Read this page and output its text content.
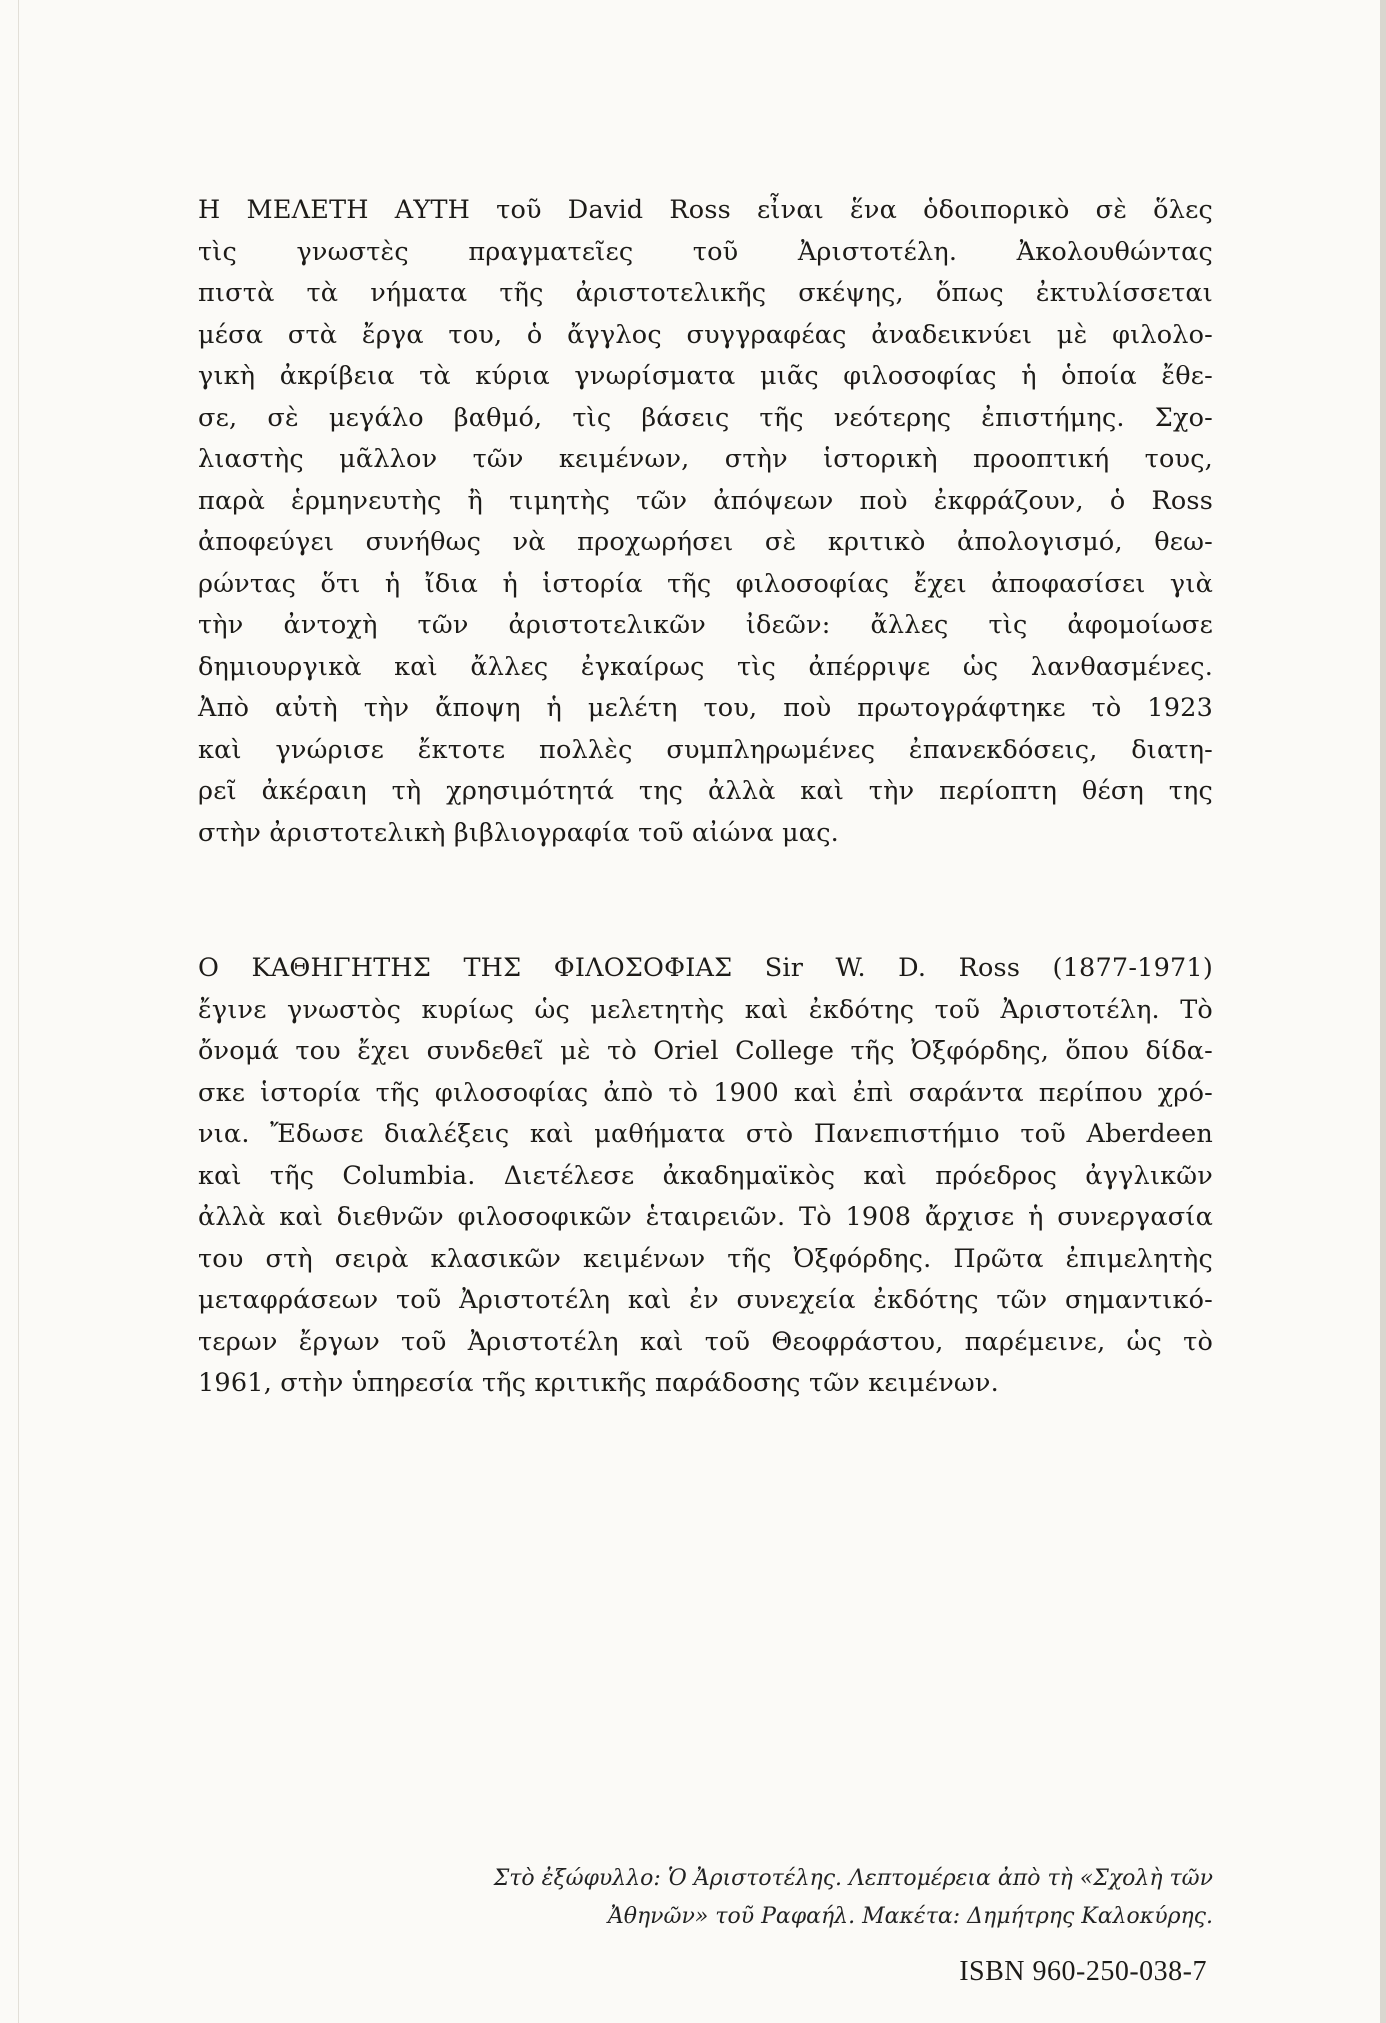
Η ΜΕΛΕΤΗ ΑΥΤΗ τοῦ David Ross εἶναι ἕνα ὁδοιπορικὸ σὲ ὅλες
τὶς γνωστὲς πραγματεῖες τοῦ Ἀριστοτέλη. Ἀκολουθώντας
πιστὰ τὰ νήματα τῆς ἀριστοτελικῆς σκέψης, ὅπως ἐκτυλίσσεται
μέσα στὰ ἔργα του, ὁ ἄγγλος συγγραφέας ἀναδεικνύει μὲ φιλολο-
γικὴ ἀκρίβεια τὰ κύρια γνωρίσματα μιᾶς φιλοσοφίας ἡ ὁποία ἔθε-
σε, σὲ μεγάλο βαθμό, τὶς βάσεις τῆς νεότερης ἐπιστήμης. Σχο-
λιαστὴς μᾶλλον τῶν κειμένων, στὴν ἱστορικὴ προοπτική τους,
παρὰ ἑρμηνευτὴς ἢ τιμητὴς τῶν ἀπόψεων ποὺ ἐκφράζουν, ὁ Ross
ἀποφεύγει συνήθως νὰ προχωρήσει σὲ κριτικὸ ἀπολογισμό, θεω-
ρώντας ὅτι ἡ ἴδια ἡ ἱστορία τῆς φιλοσοφίας ἔχει ἀποφασίσει γιὰ
τὴν ἀντοχὴ τῶν ἀριστοτελικῶν ἰδεῶν: ἄλλες τὶς ἀφομοίωσε
δημιουργικὰ καὶ ἄλλες ἐγκαίρως τὶς ἀπέρριψε ὡς λανθασμένες.
Ἀπὸ αὐτὴ τὴν ἄποψη ἡ μελέτη του, ποὺ πρωτογράφτηκε τὸ 1923
καὶ γνώρισε ἔκτοτε πολλὲς συμπληρωμένες ἐπανεκδόσεις, διατη-
ρεῖ ἀκέραιη τὴ χρησιμότητά της ἀλλὰ καὶ τὴν περίοπτη θέση της
στὴν ἀριστοτελικὴ βιβλιογραφία τοῦ αἰώνα μας.
Ο ΚΑΘΗΓΗΤΗΣ ΤΗΣ ΦΙΛΟΣΟΦΙΑΣ Sir W. D. Ross (1877-1971)
ἔγινε γνωστὸς κυρίως ὡς μελετητὴς καὶ ἐκδότης τοῦ Ἀριστοτέλη. Τὸ
ὄνομά του ἔχει συνδεθεῖ μὲ τὸ Oriel College τῆς Ὀξφόρδης, ὅπου δίδα-
σκε ἱστορία τῆς φιλοσοφίας ἀπὸ τὸ 1900 καὶ ἐπὶ σαράντα περίπου χρό-
νια. Ἔδωσε διαλέξεις καὶ μαθήματα στὸ Πανεπιστήμιο τοῦ Aberdeen
καὶ τῆς Columbia. Διετέλεσε ἀκαδημαϊκὸς καὶ πρόεδρος ἀγγλικῶν
ἀλλὰ καὶ διεθνῶν φιλοσοφικῶν ἑταιρειῶν. Τὸ 1908 ἄρχισε ἡ συνεργασία
του στὴ σειρὰ κλασικῶν κειμένων τῆς Ὀξφόρδης. Πρῶτα ἐπιμελητὴς
μεταφράσεων τοῦ Ἀριστοτέλη καὶ ἐν συνεχεία ἐκδότης τῶν σημαντικό-
τερων ἔργων τοῦ Ἀριστοτέλη καὶ τοῦ Θεοφράστου, παρέμεινε, ὡς τὸ
1961, στὴν ὑπηρεσία τῆς κριτικῆς παράδοσης τῶν κειμένων.
Στὸ ἐξώφυλλο: Ὁ Ἀριστοτέλης. Λεπτομέρεια ἀπὸ τὴ «Σχολὴ τῶν
Ἀθηνῶν» τοῦ Ραφαήλ. Μακέτα: Δημήτρης Καλοκύρης.
ISBN 960-250-038-7
